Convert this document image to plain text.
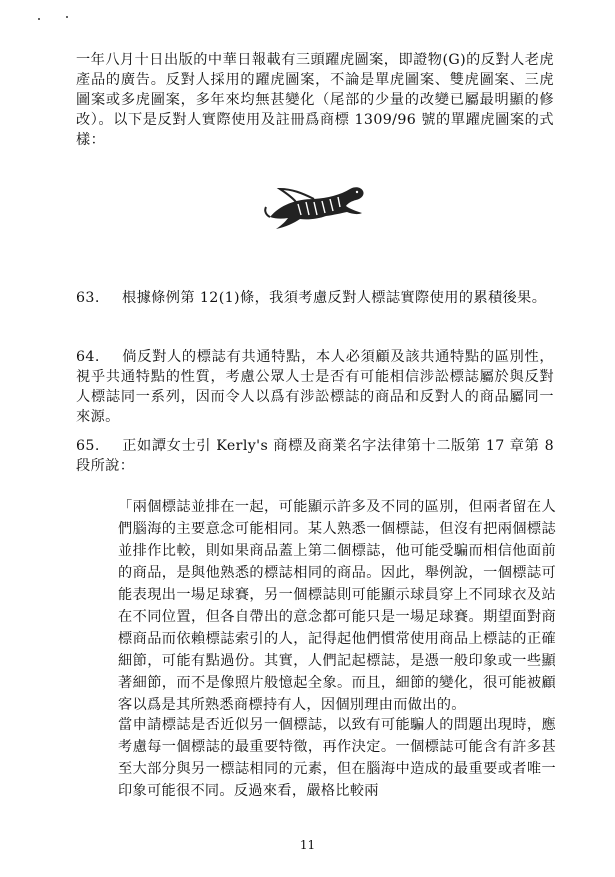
一年八月十日出版的中華日報載有三頭躍虎圖案，即證物(G)的反對人老虎產品的廣告。反對人採用的躍虎圖案，不論是單虎圖案、雙虎圖案、三虎圖案或多虎圖案，多年來均無甚變化（尾部的少量的改變已屬最明顯的修改）。以下是反對人實際使用及註冊爲商標 1309/96 號的單躍虎圖案的式樣：

63. 根據條例第 12(1)條，我須考慮反對人標誌實際使用的累積後果。

64. 倘反對人的標誌有共通特點，本人必須顧及該共通特點的區別性，視乎共通特點的性質，考慮公眾人士是否有可能相信涉訟標誌屬於與反對人標誌同一系列，因而令人以爲有涉訟標誌的商品和反對人的商品屬同一來源。

65. 正如譚女士引 Kerly's 商標及商業名字法律第十二版第 17 章第 8 段所說：

「兩個標誌並排在一起，可能顯示許多及不同的區別，但兩者留在人們腦海的主要意念可能相同。某人熟悉一個標誌，但沒有把兩個標誌並排作比較，則如果商品蓋上第二個標誌，他可能受騙而相信他面前的商品，是與他熟悉的標誌相同的商品。因此，舉例說，一個標誌可能表現出一場足球賽，另一個標誌則可能顯示球員穿上不同球衣及站在不同位置，但各自帶出的意念都可能只是一場足球賽。期望面對商標商品而依賴標誌索引的人，記得起他們慣常使用商品上標誌的正確細節，可能有點過份。其實，人們記起標誌，是憑一般印象或一些顯著細節，而不是像照片般憶起全象。而且，細節的變化，很可能被顧客以爲是其所熟悉商標持有人，因個別理由而做出的。

當申請標誌是否近似另一個標誌，以致有可能騙人的問題出現時，應考慮每一個標誌的最重要特徵，再作決定。一個標誌可能含有許多甚至大部分與另一標誌相同的元素，但在腦海中造成的最重要或者唯一印象可能很不同。反過來看，嚴格比較兩

11
